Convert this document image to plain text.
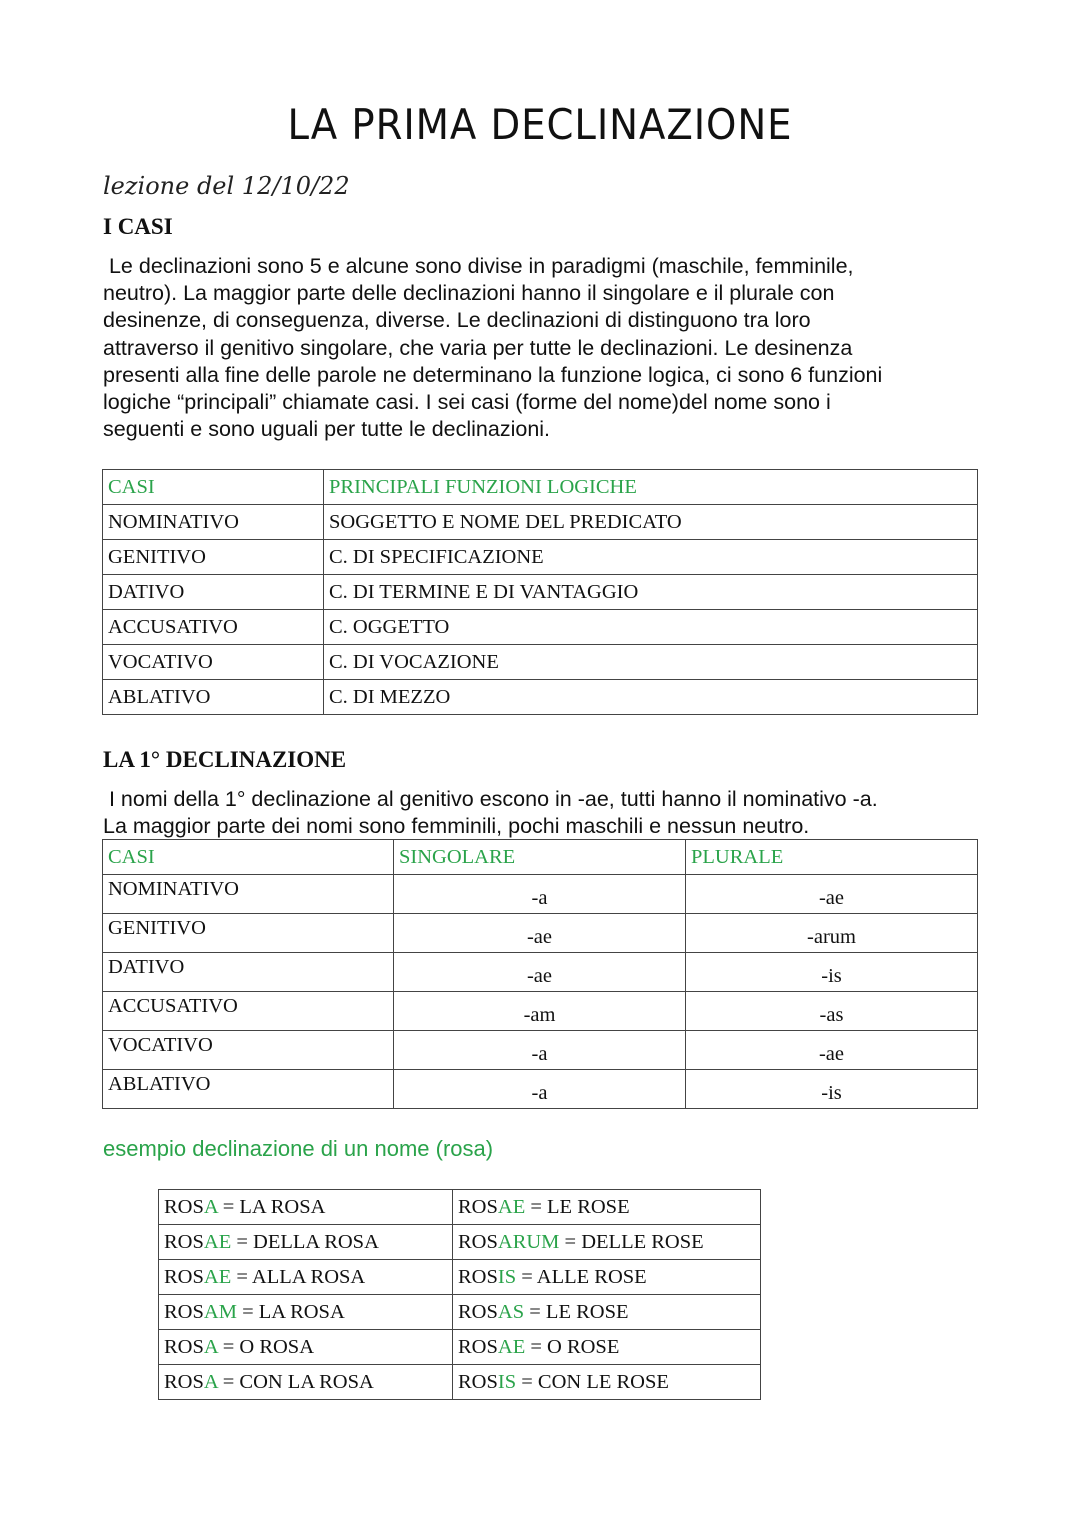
LA PRIMA DECLINAZIONE
lezione del 12/10/22
I CASI
Le declinazioni sono 5 e alcune sono divise in paradigmi (maschile, femminile,
neutro). La maggior parte delle declinazioni hanno il singolare e il plurale con
desinenze, di conseguenza, diverse. Le declinazioni di distinguono tra loro
attraverso il genitivo singolare, che varia per tutte le declinazioni. Le desinenza
presenti alla fine delle parole ne determinano la funzione logica, ci sono 6 funzioni
logiche “principali” chiamate casi. I sei casi (forme del nome)del nome sono i
seguenti e sono uguali per tutte le declinazioni.
CASI	PRINCIPALI FUNZIONI LOGICHE
NOMINATIVO	SOGGETTO E NOME DEL PREDICATO
GENITIVO	C. DI SPECIFICAZIONE
DATIVO	C. DI TERMINE E DI VANTAGGIO
ACCUSATIVO	C. OGGETTO
VOCATIVO	C. DI VOCAZIONE
ABLATIVO	C. DI MEZZO
LA 1° DECLINAZIONE
I nomi della 1° declinazione al genitivo escono in -ae, tutti hanno il nominativo -a.
La maggior parte dei nomi sono femminili, pochi maschili e nessun neutro.
CASI	SINGOLARE	PLURALE
NOMINATIVO	-a	-ae
GENITIVO	-ae	-arum
DATIVO	-ae	-is
ACCUSATIVO	-am	-as
VOCATIVO	-a	-ae
ABLATIVO	-a	-is
esempio declinazione di un nome (rosa)
ROSA = LA ROSA	ROSAE = LE ROSE
ROSAE = DELLA ROSA	ROSARUM = DELLE ROSE
ROSAE = ALLA ROSA	ROSIS = ALLE ROSE
ROSAM = LA ROSA	ROSAS = LE ROSE
ROSA = O ROSA	ROSAE = O ROSE
ROSA = CON LA ROSA	ROSIS = CON LE ROSE
